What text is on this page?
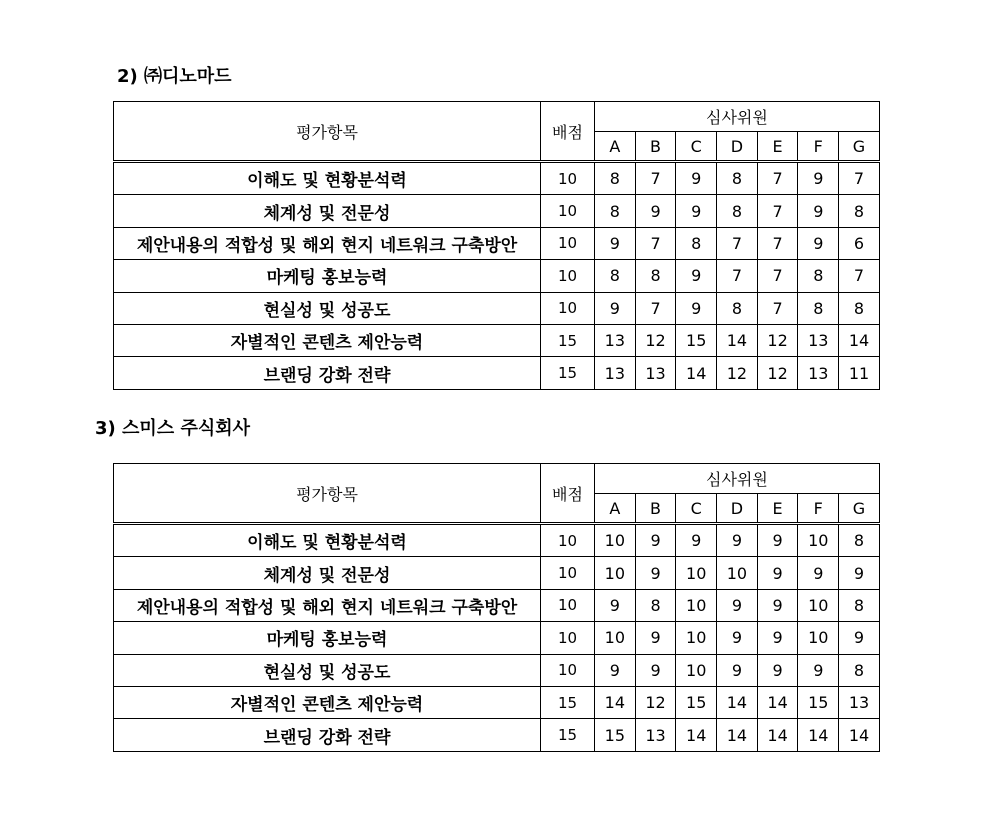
2) ㈜디노마드
평가항목	배점	심사위원						
		A	B	C	D	E	F	G
이해도 및 현황분석력	10	8	7	9	8	7	9	7
체계성 및 전문성	10	8	9	9	8	7	9	8
제안내용의 적합성 및 해외 현지 네트워크 구축방안	10	9	7	8	7	7	9	6
마케팅 홍보능력	10	8	8	9	7	7	8	7
현실성 및 성공도	10	9	7	9	8	7	8	8
자별적인 콘텐츠 제안능력	15	13	12	15	14	12	13	14
브랜딩 강화 전략	15	13	13	14	12	12	13	11
3) 스미스 주식회사
평가항목	배점	심사위원						
		A	B	C	D	E	F	G
이해도 및 현황분석력	10	10	9	9	9	9	10	8
체계성 및 전문성	10	10	9	10	10	9	9	9
제안내용의 적합성 및 해외 현지 네트워크 구축방안	10	9	8	10	9	9	10	8
마케팅 홍보능력	10	10	9	10	9	9	10	9
현실성 및 성공도	10	9	9	10	9	9	9	8
자별적인 콘텐츠 제안능력	15	14	12	15	14	14	15	13
브랜딩 강화 전략	15	15	13	14	14	14	14	14
